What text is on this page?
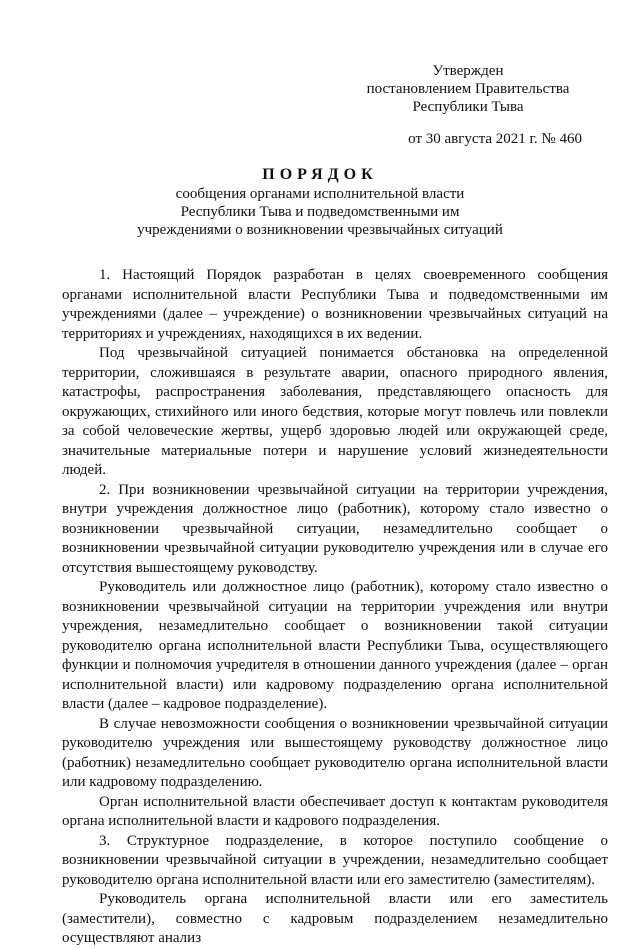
Утвержден
постановлением Правительства
Республики Тыва
от 30 августа 2021 г. № 460
ПОРЯДОК
сообщения органами исполнительной власти
Республики Тыва и подведомственными им
учреждениями о возникновении чрезвычайных ситуаций

1. Настоящий Порядок разработан в целях своевременного сообщения органами исполнительной власти Республики Тыва и подведомственными им учреждениями (далее – учреждение) о возникновении чрезвычайных ситуаций на территориях и учреждениях, находящихся в их ведении.

Под чрезвычайной ситуацией понимается обстановка на определенной территории, сложившаяся в результате аварии, опасного природного явления, катастрофы, распространения заболевания, представляющего опасность для окружающих, стихийного или иного бедствия, которые могут повлечь или повлекли за собой человеческие жертвы, ущерб здоровью людей или окружающей среде, значительные материальные потери и нарушение условий жизнедеятельности людей.

2. При возникновении чрезвычайной ситуации на территории учреждения, внутри учреждения должностное лицо (работник), которому стало известно о возникновении чрезвычайной ситуации, незамедлительно сообщает о возникновении чрезвычайной ситуации руководителю учреждения или в случае его отсутствия вышестоящему руководству.

Руководитель или должностное лицо (работник), которому стало известно о возникновении чрезвычайной ситуации на территории учреждения или внутри учреждения, незамедлительно сообщает о возникновении такой ситуации руководителю органа исполнительной власти Республики Тыва, осуществляющего функции и полномочия учредителя в отношении данного учреждения (далее – орган исполнительной власти) или кадровому подразделению органа исполнительной власти (далее – кадровое подразделение).

В случае невозможности сообщения о возникновении чрезвычайной ситуации руководителю учреждения или вышестоящему руководству должностное лицо (работник) незамедлительно сообщает руководителю органа исполнительной власти или кадровому подразделению.

Орган исполнительной власти обеспечивает доступ к контактам руководителя органа исполнительной власти и кадрового подразделения.

3. Структурное подразделение, в которое поступило сообщение о возникновении чрезвычайной ситуации в учреждении, незамедлительно сообщает руководителю органа исполнительной власти или его заместителю (заместителям).

Руководитель органа исполнительной власти или его заместитель (заместители), совместно с кадровым подразделением незамедлительно осуществляют анализ
